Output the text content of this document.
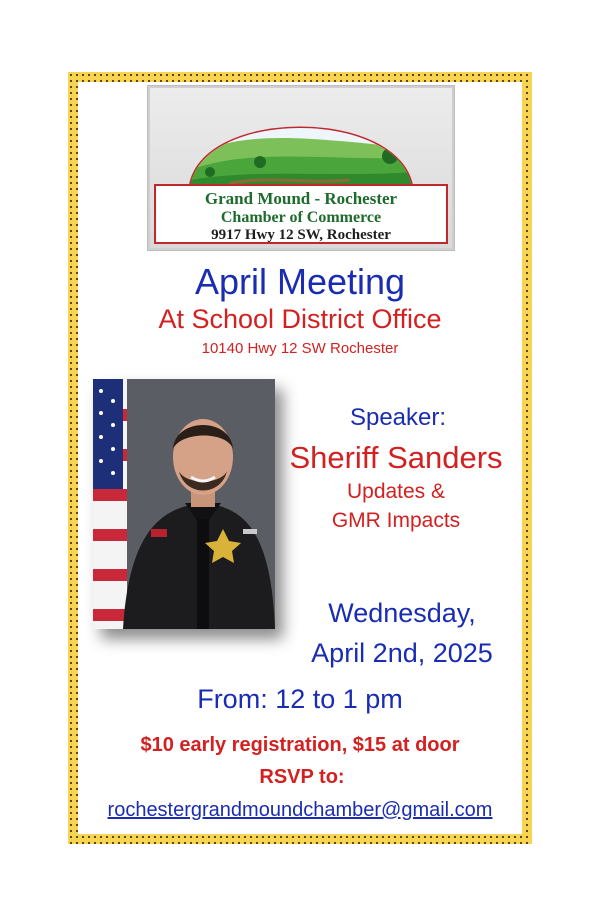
Grand Mound - Rochester
Chamber of Commerce
9917 Hwy 12 SW, Rochester
April Meeting
At School District Office
10140 Hwy 12 SW Rochester
Speaker:
Sheriff Sanders
Updates &
GMR Impacts
Wednesday,
April 2nd, 2025
From: 12 to 1 pm
$10 early registration, $15 at door
RSVP to:
rochestergrandmoundchamber@gmail.com
